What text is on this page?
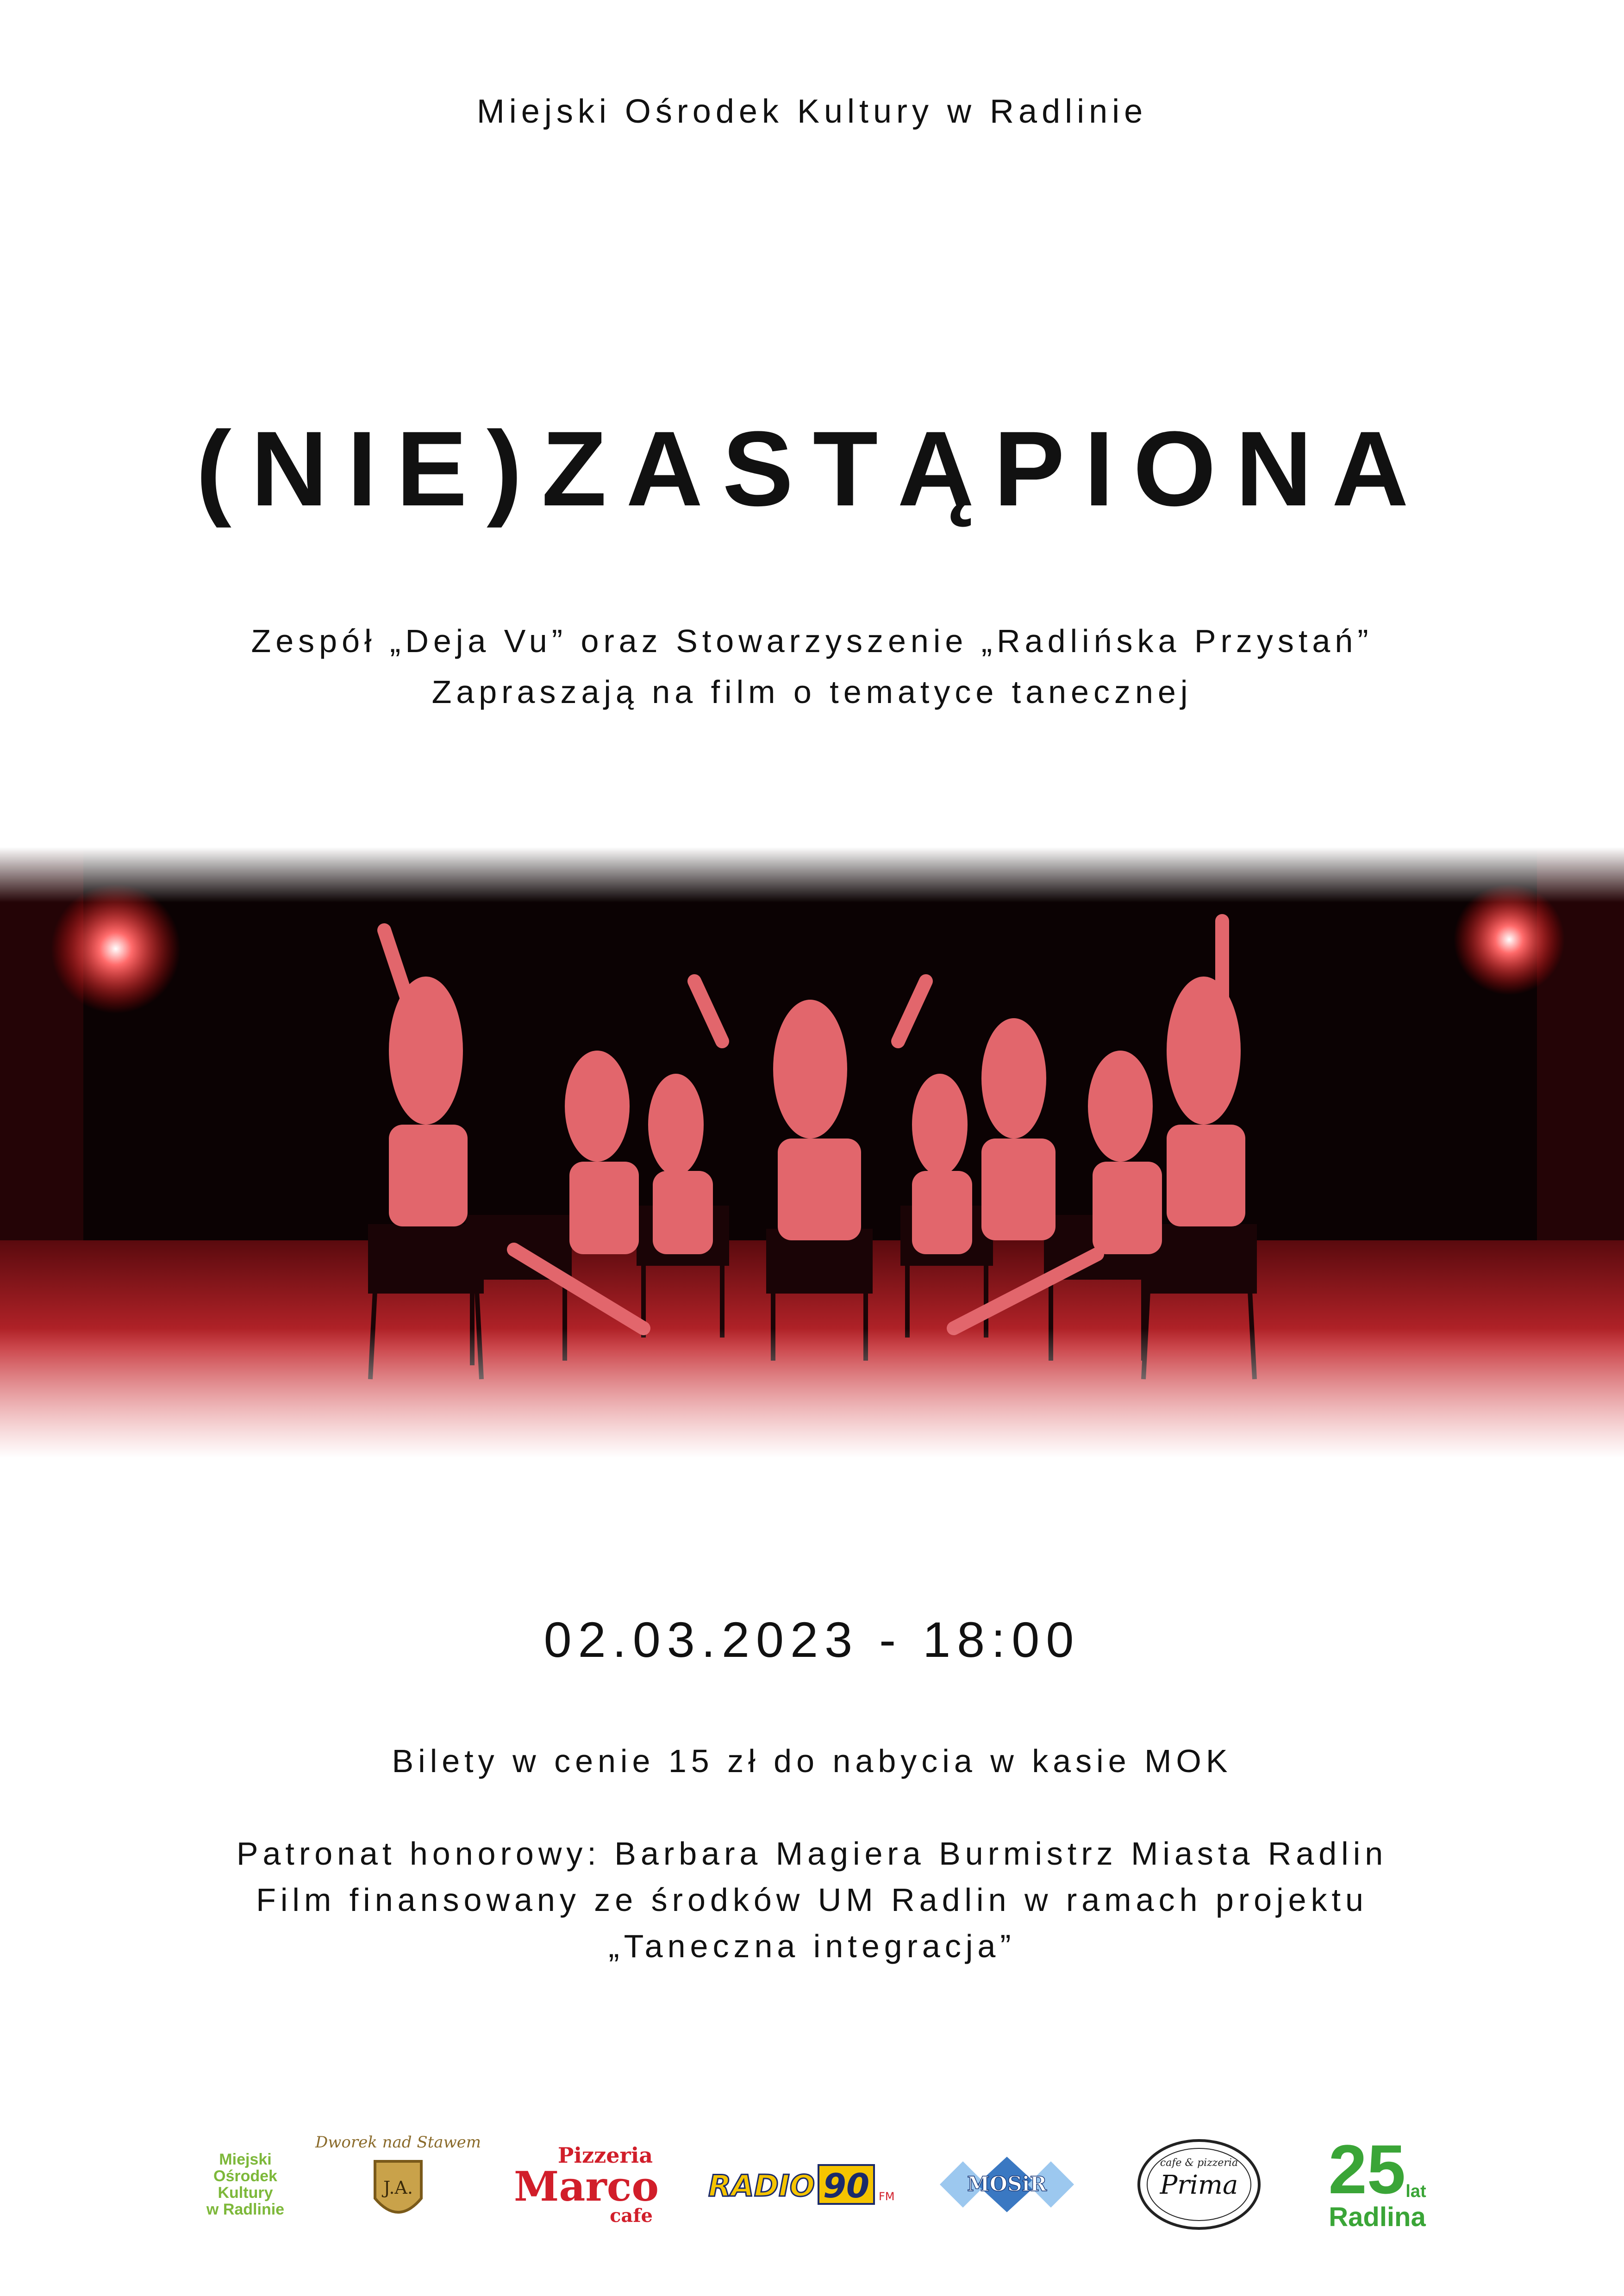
Miejski Ośrodek Kultury w Radlinie
(NIE)ZASTĄPIONA
Zespół „Deja Vu” oraz Stowarzyszenie „Radlińska Przystań”
Zapraszają na film o tematyce tanecznej
02.03.2023 - 18:00
Bilety w cenie 15 zł do nabycia w kasie MOK
Patronat honorowy: Barbara Magiera Burmistrz Miasta Radlin
Film finansowany ze środków UM Radlin w ramach projektu
„Taneczna integracja”
Miejski
Ośrodek
Kultury
w Radlinie
Dworek nad Stawem
J.A.
Pizzeria
Marco
cafe
RADIO 90 FM
MOSiR
cafe & pizzeria
Prima 25 lat
Radlina
